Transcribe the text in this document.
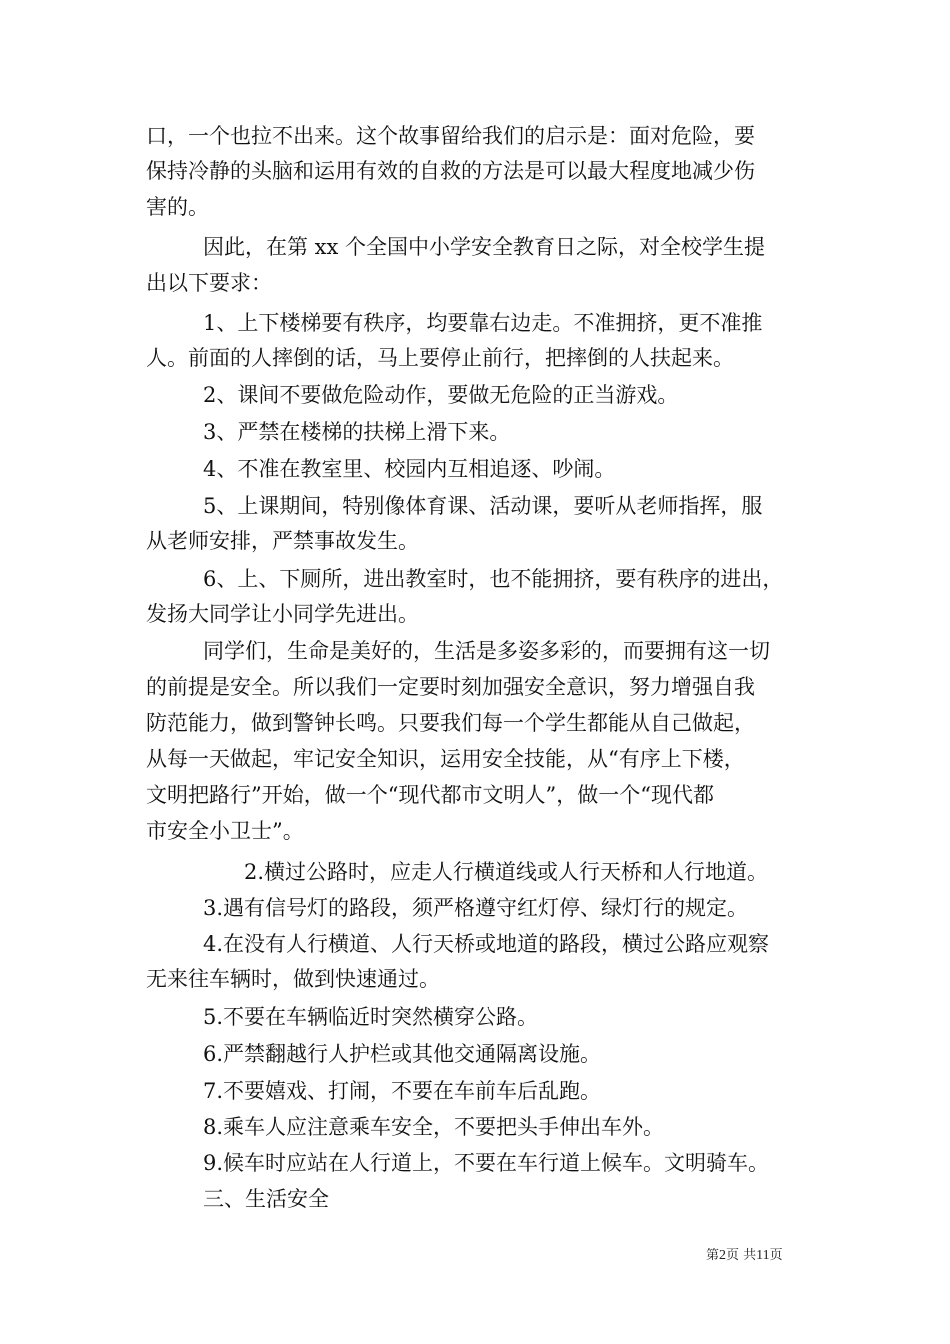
口，一个也拉不出来。这个故事留给我们的启示是：面对危险，要
保持冷静的头脑和运用有效的自救的方法是可以最大程度地减少伤
害的。
因此，在第 xx 个全国中小学安全教育日之际，对全校学生提
出以下要求：
1、上下楼梯要有秩序，均要靠右边走。不准拥挤，更不准推
人。前面的人摔倒的话，马上要停止前行，把摔倒的人扶起来。
2、课间不要做危险动作，要做无危险的正当游戏。
3、严禁在楼梯的扶梯上滑下来。
4、不准在教室里、校园内互相追逐、吵闹。
5、上课期间，特别像体育课、活动课，要听从老师指挥，服
从老师安排，严禁事故发生。
6、上、下厕所，进出教室时，也不能拥挤，要有秩序的进出，
发扬大同学让小同学先进出。
同学们，生命是美好的，生活是多姿多彩的，而要拥有这一切
的前提是安全。所以我们一定要时刻加强安全意识，努力增强自我
防范能力，做到警钟长鸣。只要我们每一个学生都能从自己做起，
从每一天做起，牢记安全知识，运用安全技能，从“有序上下楼，
文明把路行”开始，做一个“现代都市文明人”，做一个“现代都
市安全小卫士”。
2.横过公路时，应走人行横道线或人行天桥和人行地道。
3.遇有信号灯的路段，须严格遵守红灯停、绿灯行的规定。
4.在没有人行横道、人行天桥或地道的路段，横过公路应观察
无来往车辆时，做到快速通过。
5.不要在车辆临近时突然横穿公路。
6.严禁翻越行人护栏或其他交通隔离设施。
7.不要嬉戏、打闹，不要在车前车后乱跑。
8.乘车人应注意乘车安全，不要把头手伸出车外。
9.候车时应站在人行道上，不要在车行道上候车。文明骑车。
三、生活安全
第2页 共11页
